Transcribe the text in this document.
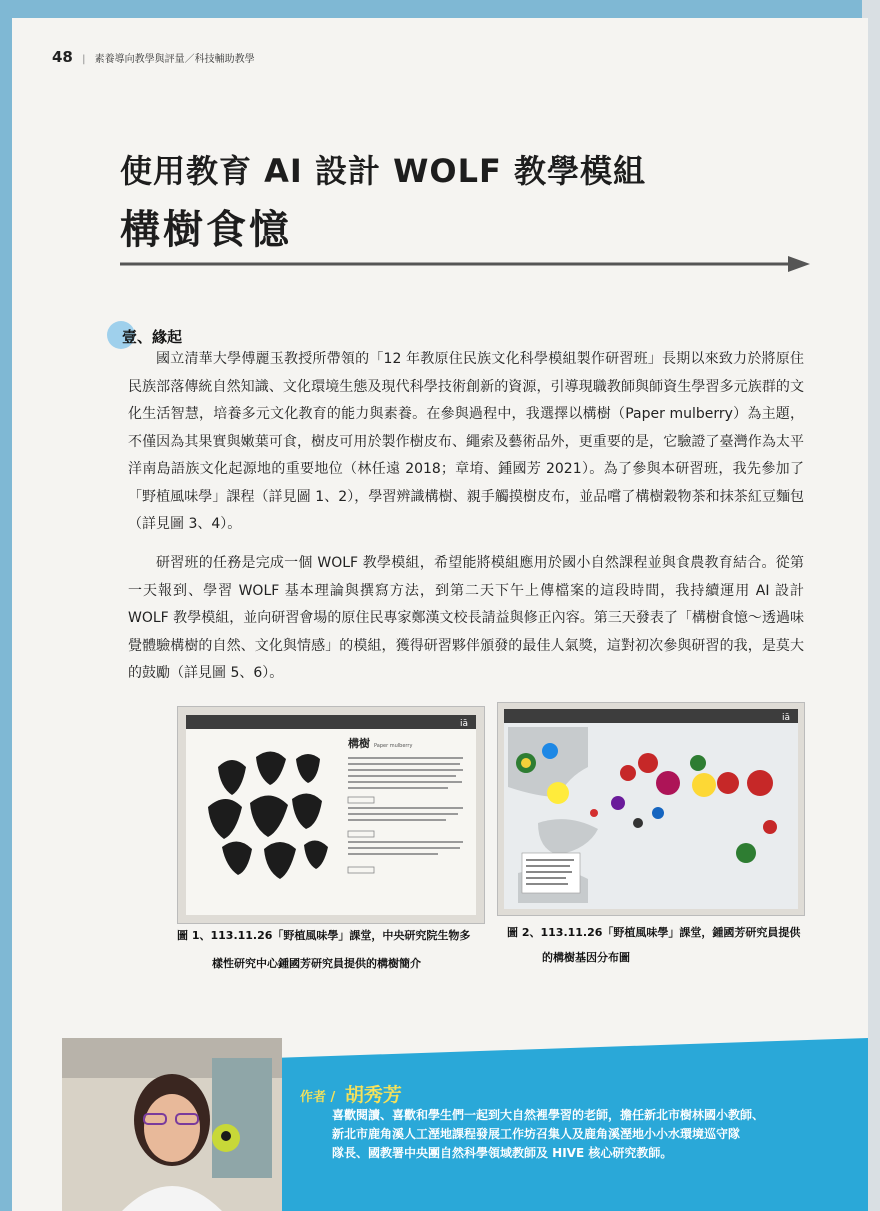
48 | 素養導向教學與評量／科技輔助教學
使用教育 AI 設計 WOLF 教學模組
構樹食憶
壹、緣起

國立清華大學傅麗玉教授所帶領的「12 年教原住民族文化科學模組製作研習班」長期以來致力於將原住民族部落傳統自然知識、文化環境生態及現代科學技術創新的資源，引導現職教師與師資生學習多元族群的文化生活智慧，培養多元文化教育的能力與素養。在參與過程中，我選擇以構樹（Paper mulberry）為主題，不僅因為其果實與嫩葉可食，樹皮可用於製作樹皮布、繩索及藝術品外，更重要的是，它驗證了臺灣作為太平洋南島語族文化起源地的重要地位（林任遠 2018；章堉、鍾國芳 2021）。為了參與本研習班，我先參加了「野植風味學」課程（詳見圖 1、2），學習辨識構樹、親手觸摸樹皮布，並品嚐了構樹穀物茶和抹茶紅豆麵包（詳見圖 3、4）。

研習班的任務是完成一個 WOLF 教學模組，希望能將模組應用於國小自然課程並與食農教育結合。從第一天報到、學習 WOLF 基本理論與撰寫方法，到第二天下午上傳檔案的這段時間，我持續運用 AI 設計 WOLF 教學模組，並向研習會場的原住民專家鄭漢文校長請益與修正內容。第三天發表了「構樹食憶～透過味覺體驗構樹的自然、文化與情感」的模組，獲得研習夥伴頒發的最佳人氣獎，這對初次參與研習的我，是莫大的鼓勵（詳見圖 5、6）。

iā
構樹 Paper mulberry
圖 1、113.11.26「野植風味學」課堂，中央研究院生物多
樣性研究中心鍾國芳研究員提供的構樹簡介
iā
圖 2、113.11.26「野植風味學」課堂，鍾國芳研究員提供
的構樹基因分布圖
作者 / 胡秀芳
喜歡閱讀、喜歡和學生們一起到大自然裡學習的老師，擔任新北市樹林國小教師、
新北市鹿角溪人工溼地課程發展工作坊召集人及鹿角溪溼地小小水環境巡守隊
隊長、國教署中央團自然科學領域教師及 HIVE 核心研究教師。
